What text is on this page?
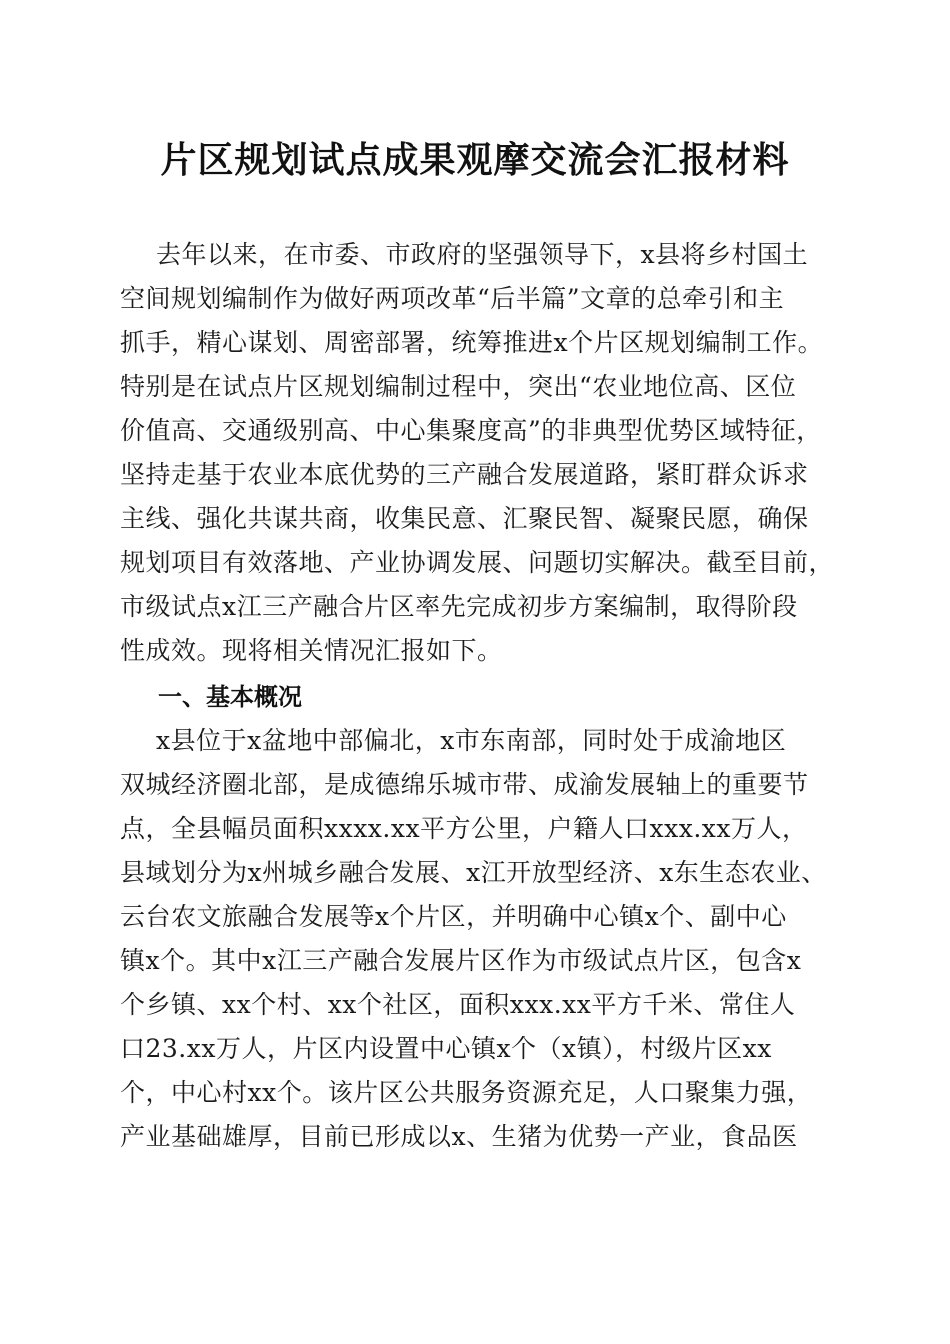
片区规划试点成果观摩交流会汇报材料
去年以来，在市委、市政府的坚强领导下，x县将乡村国土
空间规划编制作为做好两项改革“后半篇”文章的总牵引和主
抓手，精心谋划、周密部署，统筹推进x个片区规划编制工作。
特别是在试点片区规划编制过程中，突出“农业地位高、区位
价值高、交通级别高、中心集聚度高”的非典型优势区域特征，
坚持走基于农业本底优势的三产融合发展道路，紧盯群众诉求
主线、强化共谋共商，收集民意、汇聚民智、凝聚民愿，确保
规划项目有效落地、产业协调发展、问题切实解决。截至目前，
市级试点x江三产融合片区率先完成初步方案编制，取得阶段
性成效。现将相关情况汇报如下。
一、基本概况
x县位于x盆地中部偏北，x市东南部，同时处于成渝地区
双城经济圈北部，是成德绵乐城市带、成渝发展轴上的重要节
点，全县幅员面积xxxx.xx平方公里，户籍人口xxx.xx万人，
县域划分为x州城乡融合发展、x江开放型经济、x东生态农业、
云台农文旅融合发展等x个片区，并明确中心镇x个、副中心
镇x个。其中x江三产融合发展片区作为市级试点片区，包含x
个乡镇、xx个村、xx个社区，面积xxx.xx平方千米、常住人
口23.xx万人，片区内设置中心镇x个（x镇），村级片区xx
个，中心村xx个。该片区公共服务资源充足，人口聚集力强，
产业基础雄厚，目前已形成以x、生猪为优势一产业，食品医
